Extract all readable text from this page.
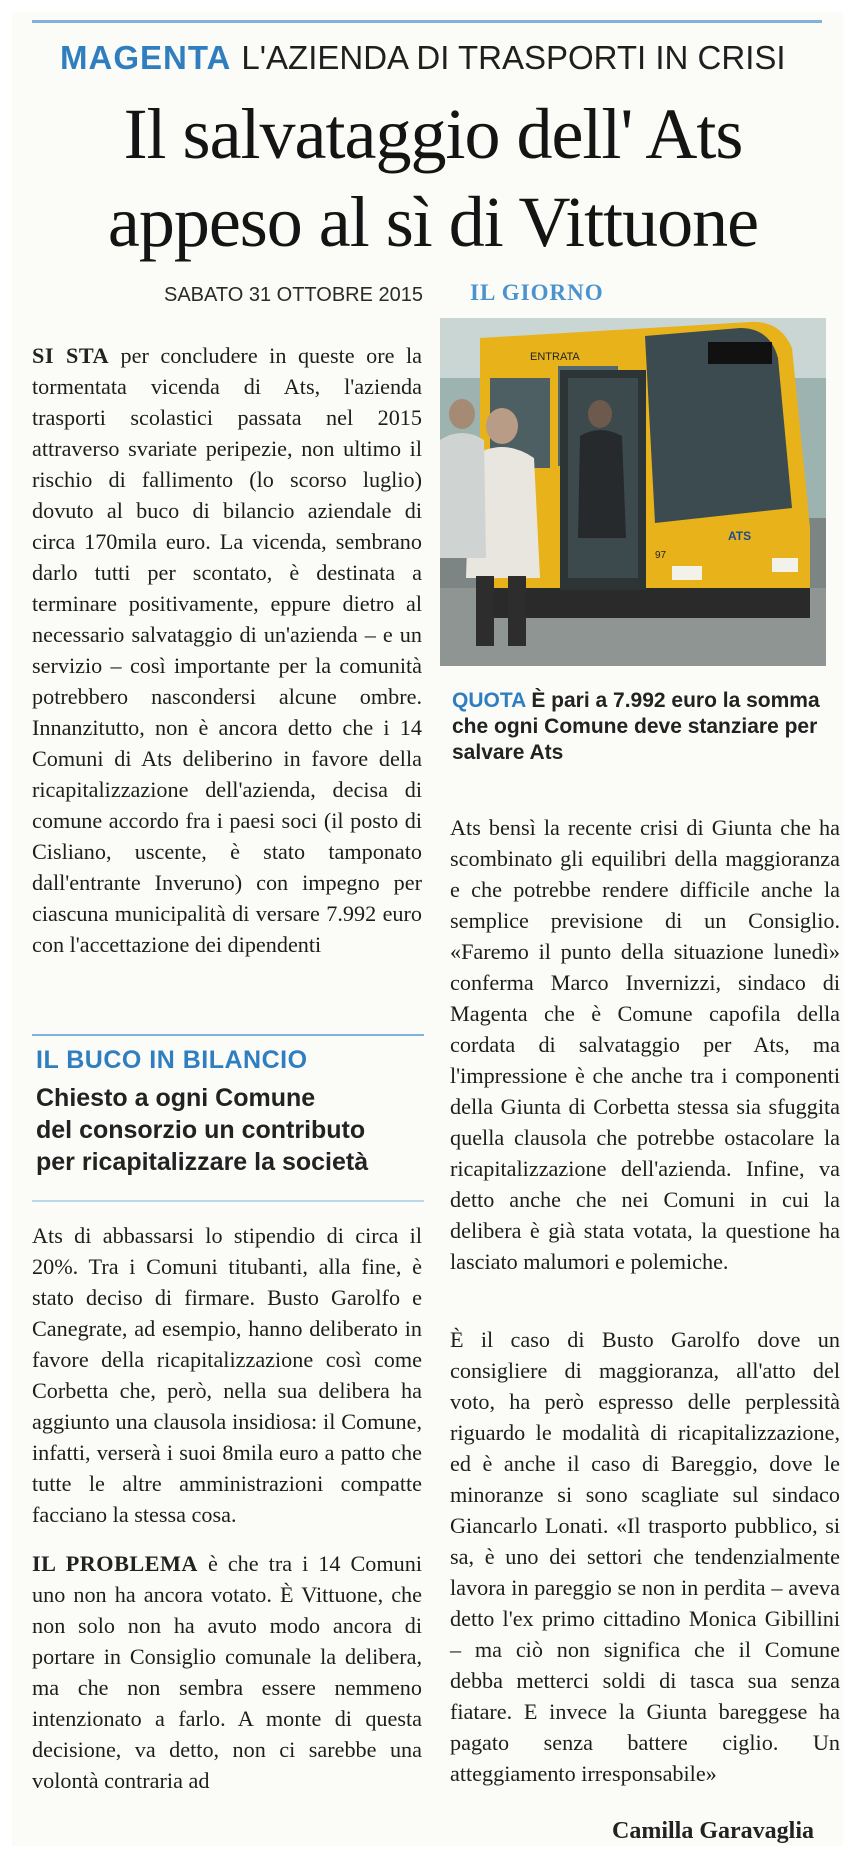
MAGENTA L'AZIENDA DI TRASPORTI IN CRISI
Il salvataggio dell' Ats
appeso al sì di Vittuone
SABATO 31 OTTOBRE 2015 IL GIORNO

SI STA per concludere in queste ore la tormentata vicenda di Ats, l'azienda trasporti scolastici passata nel 2015 attraverso svariate peripezie, non ultimo il rischio di fallimento (lo scorso luglio) dovuto al buco di bilancio aziendale di circa 170mila euro. La vicenda, sembrano darlo tutti per scontato, è destinata a terminare positivamente, eppure dietro al necessario salvataggio di un'azienda – e un servizio – così importante per la comunità potrebbero nascondersi alcune ombre. Innanzitutto, non è ancora detto che i 14 Comuni di Ats deliberino in favore della ricapitalizzazione dell'azienda, decisa di comune accordo fra i paesi soci (il posto di Cisliano, uscente, è stato tamponato dall'entrante Inveruno) con impegno per ciascuna municipalità di versare 7.992 euro con l'accettazione dei dipendenti

ENTRATA
97
ATS
QUOTA È pari a 7.992 euro la somma che ogni Comune deve stanziare per salvare Ats

Ats bensì la recente crisi di Giunta che ha scombinato gli equilibri della maggioranza e che potrebbe rendere difficile anche la semplice previsione di un Consiglio. «Faremo il punto della situazione lunedì» conferma Marco Invernizzi, sindaco di Magenta che è Comune capofila della cordata di salvataggio per Ats, ma l'impressione è che anche tra i componenti della Giunta di Corbetta stessa sia sfuggita quella clausola che potrebbe ostacolare la ricapitalizzazione dell'azienda. Infine, va detto anche che nei Comuni in cui la delibera è già stata votata, la questione ha lasciato malumori e polemiche.

IL BUCO IN BILANCIO
Chiesto a ogni Comune
del consorzio un contributo
per ricapitalizzare la società

Ats di abbassarsi lo stipendio di circa il 20%. Tra i Comuni titubanti, alla fine, è stato deciso di firmare. Busto Garolfo e Canegrate, ad esempio, hanno deliberato in favore della ricapitalizzazione così come Corbetta che, però, nella sua delibera ha aggiunto una clausola insidiosa: il Comune, infatti, verserà i suoi 8mila euro a patto che tutte le altre amministrazioni compatte facciano la stessa cosa.

IL PROBLEMA è che tra i 14 Comuni uno non ha ancora votato. È Vittuone, che non solo non ha avuto modo ancora di portare in Consiglio comunale la delibera, ma che non sembra essere nemmeno intenzionato a farlo. A monte di questa decisione, va detto, non ci sarebbe una volontà contraria ad

È il caso di Busto Garolfo dove un consigliere di maggioranza, all'atto del voto, ha però espresso delle perplessità riguardo le modalità di ricapitalizzazione, ed è anche il caso di Bareggio, dove le minoranze si sono scagliate sul sindaco Giancarlo Lonati. «Il trasporto pubblico, si sa, è uno dei settori che tendenzialmente lavora in pareggio se non in perdita – aveva detto l'ex primo cittadino Monica Gibillini – ma ciò non significa che il Comune debba metterci soldi di tasca sua senza fiatare. E invece la Giunta bareggese ha pagato senza battere ciglio. Un atteggiamento irresponsabile»

Camilla Garavaglia
